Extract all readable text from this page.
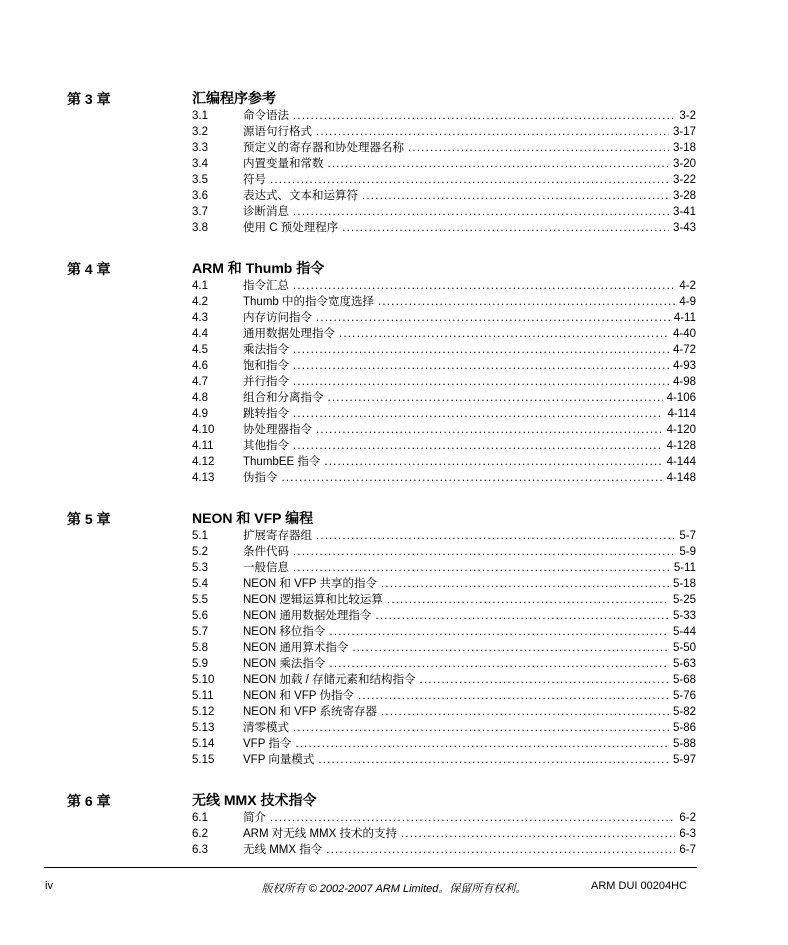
第 3 章	汇编程序参考
3.1	命令语法 .....	3-2
3.2	源语句行格式 .....	3-17
3.3	预定义的寄存器和协处理器名称 .....	3-18
3.4	内置变量和常数 .....	3-20
3.5	符号 .....	3-22
3.6	表达式、文本和运算符 .....	3-28
3.7	诊断消息 .....	3-41
3.8	使用 C 预处理程序 .....	3-43
第 4 章	ARM 和 Thumb 指令
4.1	指令汇总 .....	4-2
4.2	Thumb 中的指令宽度选择 .....	4-9
4.3	内存访问指令 .....	4-11
4.4	通用数据处理指令 .....	4-40
4.5	乘法指令 .....	4-72
4.6	饱和指令 .....	4-93
4.7	并行指令 .....	4-98
4.8	组合和分离指令 .....	4-106
4.9	跳转指令 .....	4-114
4.10 协处理器指令 .....	4-120
4.11	其他指令 .....	4-128
4.12 ThumbEE 指令 .....	4-144
4.13 伪指令 .....	4-148
第 5 章	NEON 和 VFP 编程
5.1	扩展寄存器组 .....	5-7
5.2	条件代码 .....	5-9
5.3	一般信息 .....	5-11
5.4	NEON 和 VFP 共享的指令 .....	5-18
5.5	NEON 逻辑运算和比较运算 .....	5-25
5.6	NEON 通用数据处理指令 .....	5-33
5.7	NEON 移位指令 .....	5-44
5.8	NEON 通用算术指令 .....	5-50
5.9	NEON 乘法指令 .....	5-63
5.10 NEON 加载 / 存储元素和结构指令 .....	5-68
5.11	NEON 和 VFP 伪指令 .....	5-76
5.12 NEON 和 VFP 系统寄存器 .....	5-82
5.13 清零模式 .....	5-86
5.14 VFP 指令 .....	5-88
5.15 VFP 向量模式 .....	5-97
第 6 章	无线 MMX 技术指令
6.1	简介 .....	6-2
6.2	ARM 对无线 MMX 技术的支持 .....	6-3
6.3	无线 MMX 指令 .....	6-7
iv	版权所有 © 2002-2007 ARM Limited。保留所有权利。	ARM DUI 00204HC
